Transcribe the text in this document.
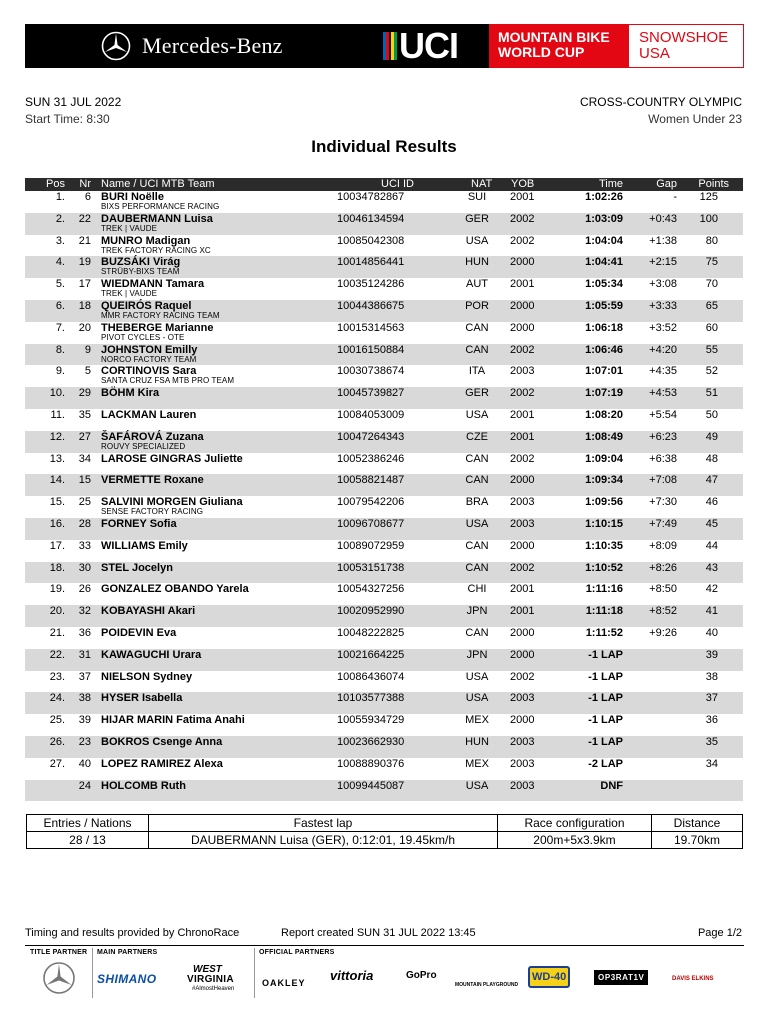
Mercedes-Benz	UCI	MOUNTAIN BIKE
WORLD CUP
SNOWSHOE
USA
SUN 31 JUL 2022
Start Time: 8:30
CROSS-COUNTRY OLYMPIC
Women Under 23
Individual Results
Pos Nr Name / UCI MTB Team	UCI ID	NAT YOB	Time	Gap Points
1. 6 BURI Noëlle
BIXS PERFORMANCE RACING
10034782867	SUI	2001	1:02:26	- 125
2. 22 DAUBERMANN Luisa
TREK | VAUDE
10046134594	GER	2002	1:03:09 +0:43 100
3. 21 MUNRO Madigan
TREK FACTORY RACING XC
10085042308	USA	2002	1:04:04 +1:38	80
4. 19 BUZSÁKI Virág
STRÜBY-BIXS TEAM
10014856441	HUN	2000	1:04:41 +2:15	75
5. 17 WIEDMANN Tamara
TREK | VAUDE
10035124286	AUT	2001	1:05:34 +3:08	70
6. 18 QUEIRÓS Raquel
MMR FACTORY RACING TEAM
10044386675	POR	2000	1:05:59 +3:33	65
7. 20 THEBERGE Marianne
PIVOT CYCLES - OTE
10015314563	CAN	2000	1:06:18 +3:52	60
8. 9 JOHNSTON Emilly
NORCO FACTORY TEAM
10016150884	CAN	2002	1:06:46 +4:20	55
9. 5 CORTINOVIS Sara
SANTA CRUZ FSA MTB PRO TEAM
10030738674	ITA	2003	1:07:01 +4:35	52
10. 29 BÖHM Kira	10045739827	GER	2002	1:07:19 +4:53	51
11. 35 LACKMAN Lauren	10084053009	USA	2001	1:08:20 +5:54	50
12. 27 ŠAFÁROVÁ Zuzana
ROUVY SPECIALIZED
10047264343	CZE	2001	1:08:49 +6:23	49
13. 34 LAROSE GINGRAS Juliette	10052386246	CAN	2002	1:09:04 +6:38	48
14. 15 VERMETTE Roxane	10058821487	CAN	2000	1:09:34 +7:08	47
15. 25 SALVINI MORGEN Giuliana
SENSE FACTORY RACING
10079542206	BRA	2003	1:09:56 +7:30	46
16. 28 FORNEY Sofia	10096708677	USA	2003	1:10:15 +7:49	45
17. 33 WILLIAMS Emily	10089072959	CAN	2000	1:10:35 +8:09	44
18. 30 STEL Jocelyn	10053151738	CAN	2002	1:10:52 +8:26	43
19. 26 GONZALEZ OBANDO Yarela	10054327256	CHI	2001	1:11:16 +8:50	42
20. 32 KOBAYASHI Akari	10020952990	JPN	2001	1:11:18 +8:52	41
21. 36 POIDEVIN Eva	10048222825	CAN	2000	1:11:52 +9:26	40
22. 31 KAWAGUCHI Urara	10021664225	JPN	2000	-1 LAP	39
23. 37 NIELSON Sydney	10086436074	USA	2002	-1 LAP	38
24. 38 HYSER Isabella	10103577388	USA	2003	-1 LAP	37
25. 39 HIJAR MARIN Fatima Anahi	10055934729	MEX	2000	-1 LAP	36
26. 23 BOKROS Csenge Anna	10023662930	HUN	2003	-1 LAP	35
27. 40 LOPEZ RAMIREZ Alexa	10088890376	MEX	2003	-2 LAP	34
24 HOLCOMB Ruth	10099445087	USA	2003	DNF
Entries / Nations	Fastest lap	Race configuration	Distance
28 / 13	DAUBERMANN Luisa (GER), 0:12:01, 19.45km/h	200m+5x3.9km	19.70km
Timing and results provided by ChronoRace	Report created SUN 31 JUL 2022 13:45	Page 1/2
TITLE PARTNER MAIN PARTNERS	OFFICIAL PARTNERS
SHIMANO
WEST
VIRGINIA
#AlmostHeaven
OAKLEY vittoria	GoPro
MOUNTAIN PLAYGROUND
WD-40	OP3RAT1V	DAVIS ELKINS
